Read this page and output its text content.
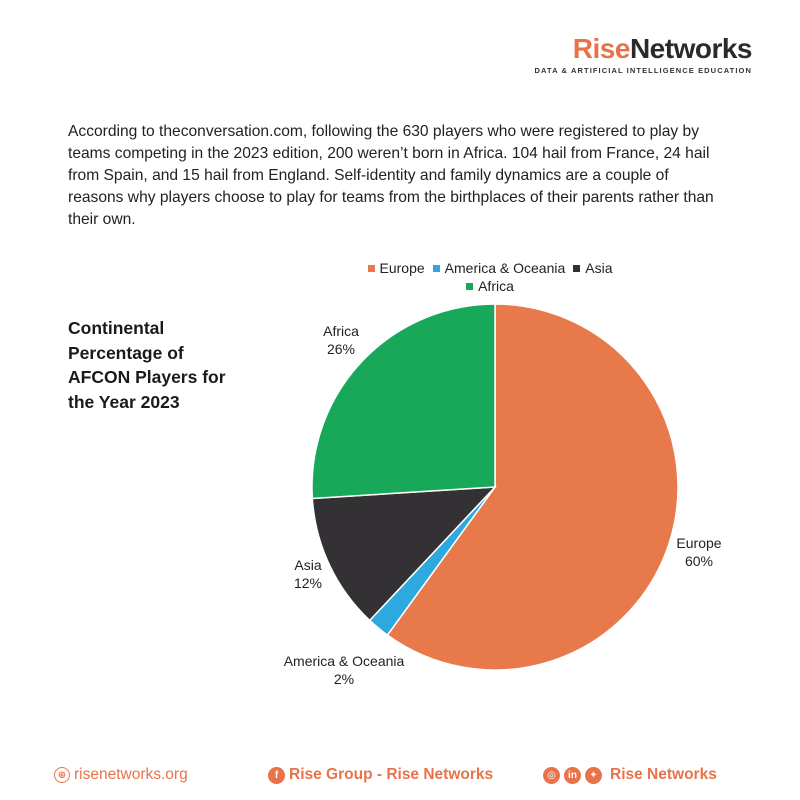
RiseNetworks
DATA & ARTIFICIAL INTELLIGENCE EDUCATION

According to theconversation.com, following the 630 players who were registered to play by teams competing in the 2023 edition, 200 weren’t born in Africa. 104 hail from France, 24 hail from Spain, and 15 hail from England. Self-identity and family dynamics are a couple of reasons why players choose to play for teams from the birthplaces of their parents rather than their own.

Continental Percentage of AFCON Players for the Year 2023
Europe America & Oceania Asia
Africa
Europe
60%
America & Oceania
2%
Asia
12%
Africa
26%
⊕ risenetworks.org	f Rise Group - Rise Networks	◎	in	✦ Rise Networks
